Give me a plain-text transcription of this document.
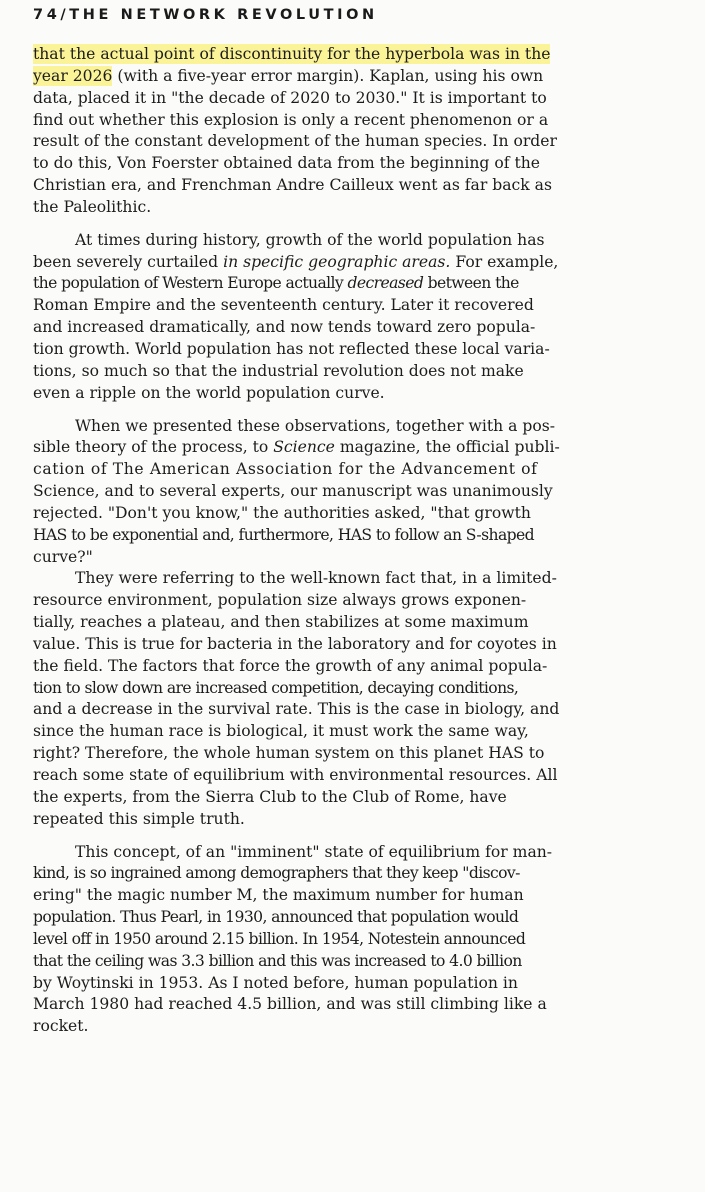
74/THE NETWORK REVOLUTION
that the actual point of discontinuity for the hyperbola was in the
year 2026 (with a five-year error margin). Kaplan, using his own
data, placed it in "the decade of 2020 to 2030." It is important to
find out whether this explosion is only a recent phenomenon or a
result of the constant development of the human species. In order
to do this, Von Foerster obtained data from the beginning of the
Christian era, and Frenchman Andre Cailleux went as far back as
the Paleolithic.
At times during history, growth of the world population has
been severely curtailed in specific geographic areas. For example,
the population of Western Europe actually decreased between the
Roman Empire and the seventeenth century. Later it recovered
and increased dramatically, and now tends toward zero popula-
tion growth. World population has not reflected these local varia-
tions, so much so that the industrial revolution does not make
even a ripple on the world population curve.
When we presented these observations, together with a pos-
sible theory of the process, to Science magazine, the official publi-
cation of The American Association for the Advancement of
Science, and to several experts, our manuscript was unanimously
rejected. "Don't you know," the authorities asked, "that growth
HAS to be exponential and, furthermore, HAS to follow an S-shaped
curve?"
They were referring to the well-known fact that, in a limited-
resource environment, population size always grows exponen-
tially, reaches a plateau, and then stabilizes at some maximum
value. This is true for bacteria in the laboratory and for coyotes in
the field. The factors that force the growth of any animal popula-
tion to slow down are increased competition, decaying conditions,
and a decrease in the survival rate. This is the case in biology, and
since the human race is biological, it must work the same way,
right? Therefore, the whole human system on this planet HAS to
reach some state of equilibrium with environmental resources. All
the experts, from the Sierra Club to the Club of Rome, have
repeated this simple truth.
This concept, of an "imminent" state of equilibrium for man-
kind, is so ingrained among demographers that they keep "discov-
ering" the magic number M, the maximum number for human
population. Thus Pearl, in 1930, announced that population would
level off in 1950 around 2.15 billion. In 1954, Notestein announced
that the ceiling was 3.3 billion and this was increased to 4.0 billion
by Woytinski in 1953. As I noted before, human population in
March 1980 had reached 4.5 billion, and was still climbing like a
rocket.
